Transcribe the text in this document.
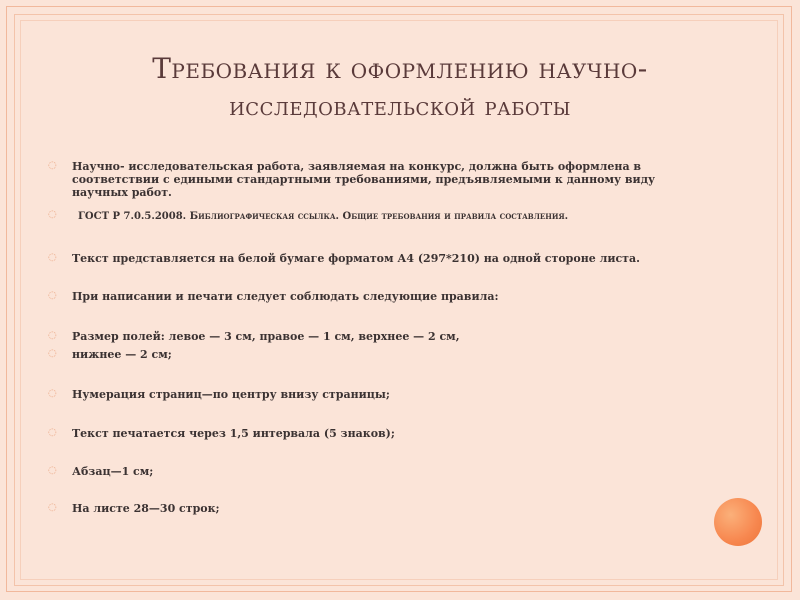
Требования к оформлению научно-
исследовательской работы
◌ Научно- исследовательская работа, заявляемая на конкурс, должна быть оформлена в соответствии с едиными стандартными требованиями, предъявляемыми к данному виду научных работ.
◌ ГОСТ Р 7.0.5.2008. Библиографическая ссылка. Общие требования и правила составления.
◌ Текст представляется на белой бумаге форматом А4 (297*210) на одной стороне листа.
◌ При написании и печати следует соблюдать следующие правила:
◌ Размер полей: левое — 3 см, правое — 1 см, верхнее — 2 см,
◌ нижнее — 2 см;
◌ Нумерация страниц—по центру внизу страницы;
◌ Текст печатается через 1,5 интервала (5 знаков);
◌ Абзац—1 см;
◌ На листе 28—30 строк;
